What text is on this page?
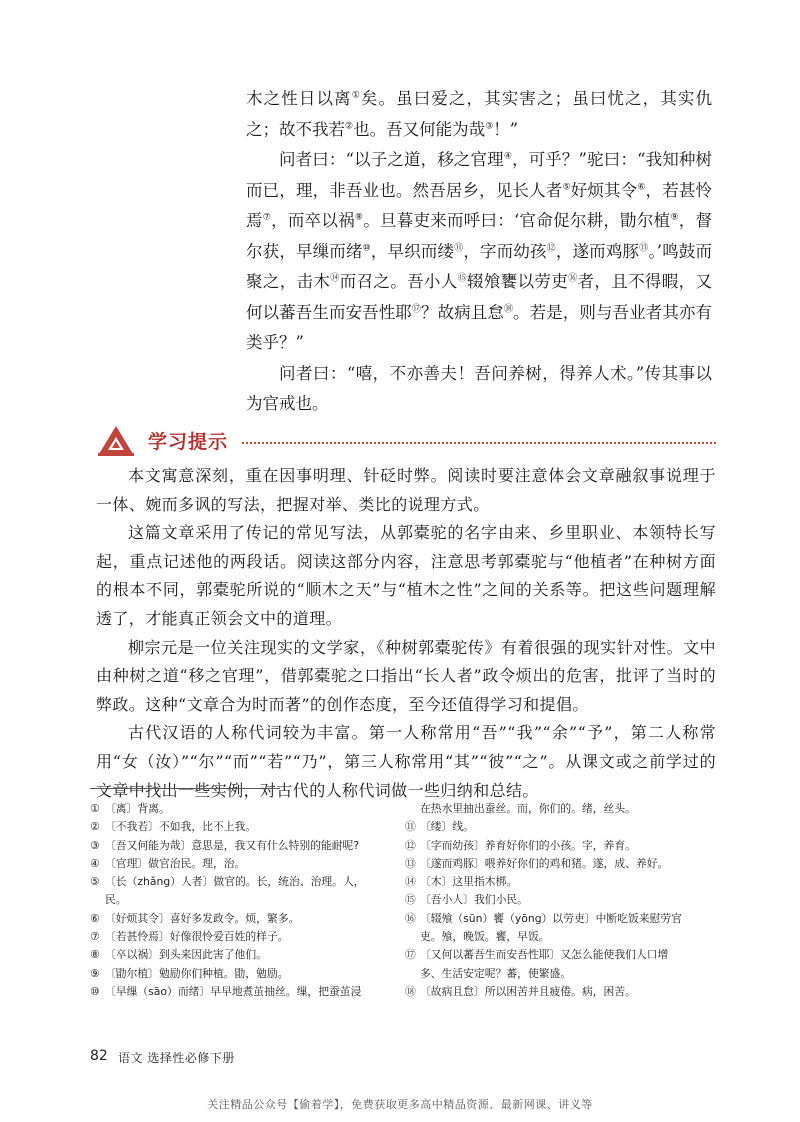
木之性日以离①矣。虽曰爱之，其实害之；虽曰忧之，其实仇之；故不我若②也。吾又何能为哉③！”

问者曰：“以子之道，移之官理④，可乎？”驼曰：“我知种树而已，理，非吾业也。然吾居乡，见长人者⑤好烦其令⑥，若甚怜焉⑦，而卒以祸⑧。旦暮吏来而呼曰：‘官命促尔耕，勖尔植⑨，督尔获，早缫而绪⑩，早织而缕⑪，字而幼孩⑫，遂而鸡豚⑬。’鸣鼓而聚之，击木⑭而召之。吾小人⑮辍飧饔以劳吏⑯者，且不得暇，又何以蕃吾生而安吾性耶⑰？故病且怠⑱。若是，则与吾业者其亦有类乎？”

问者曰：“嘻，不亦善夫！吾问养树，得养人术。”传其事以为官戒也。

学习提示

本文寓意深刻，重在因事明理、针砭时弊。阅读时要注意体会文章融叙事说理于一体、婉而多讽的写法，把握对举、类比的说理方式。

这篇文章采用了传记的常见写法，从郭橐驼的名字由来、乡里职业、本领特长写起，重点记述他的两段话。阅读这部分内容，注意思考郭橐驼与“他植者”在种树方面的根本不同，郭橐驼所说的“顺木之天”与“植木之性”之间的关系等。把这些问题理解透了，才能真正领会文中的道理。

柳宗元是一位关注现实的文学家，《种树郭橐驼传》有着很强的现实针对性。文中由种树之道“移之官理”，借郭橐驼之口指出“长人者”政令烦出的危害，批评了当时的弊政。这种“文章合为时而著”的创作态度，至今还值得学习和提倡。

古代汉语的人称代词较为丰富。第一人称常用“吾”“我”“余”“予”，第二人称常用“女（汝）”“尔”“而”“若”“乃”，第三人称常用“其”“彼”“之”。从课文或之前学过的文章中找出一些实例，对古代的人称代词做一些归纳和总结。

① 〔离〕背离。
② 〔不我若〕不如我，比不上我。
③ 〔吾又何能为哉〕意思是，我又有什么特别的能耐呢?
④ 〔官理〕做官治民。理，治。
⑤ 〔长（zhǎng）人者〕做官的。长，统治、治理。人，
民。
⑥ 〔好烦其令〕喜好多发政令。烦，繁多。
⑦ 〔若甚怜焉〕好像很怜爱百姓的样子。
⑧ 〔卒以祸〕到头来因此害了他们。
⑨ 〔勖尔植〕勉励你们种植。勖，勉励。
⑩ 〔早缫（sāo）而绪〕早早地煮茧抽丝。缫，把蚕茧浸
在热水里抽出蚕丝。而，你们的。绪，丝头。
⑪ 〔缕〕线。
⑫ 〔字而幼孩〕养育好你们的小孩。字，养育。
⑬ 〔遂而鸡豚〕喂养好你们的鸡和猪。遂，成、养好。
⑭ 〔木〕这里指木梆。
⑮ 〔吾小人〕我们小民。
⑯ 〔辍飧（sūn）饔（yōng）以劳吏〕中断吃饭来慰劳官
吏。飧，晚饭。饔，早饭。
⑰ 〔又何以蕃吾生而安吾性耶〕又怎么能使我们人口增
多、生活安定呢？蕃，使繁盛。
⑱ 〔故病且怠〕所以困苦并且疲倦。病，困苦。
82 语文 选择性必修下册
关注精品公众号【偷着学】，免费获取更多高中精品资源、最新网课、讲义等
